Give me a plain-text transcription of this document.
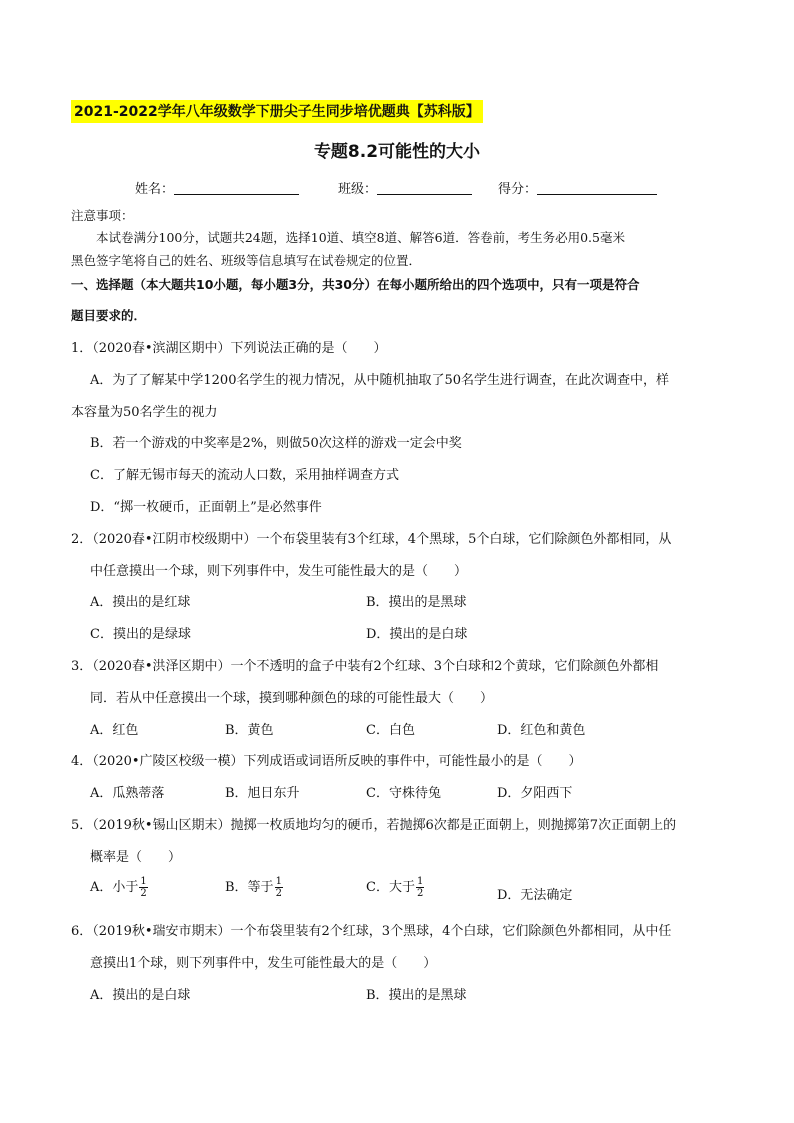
2021-2022学年八年级数学下册尖子生同步培优题典【苏科版】
专题8.2可能性的大小
姓名：	班级：	得分：
注意事项：
本试卷满分100分，试题共24题，选择10道、填空8道、解答6道．答卷前，考生务必用0.5毫米
黑色签字笔将自己的姓名、班级等信息填写在试卷规定的位置．
一、选择题（本大题共10小题，每小题3分，共30分）在每小题所给出的四个选项中，只有一项是符合
题目要求的．
1．（2020春•滨湖区期中）下列说法正确的是（　　）
A．为了了解某中学1200名学生的视力情况，从中随机抽取了50名学生进行调查，在此次调查中，样
本容量为50名学生的视力
B．若一个游戏的中奖率是2%，则做50次这样的游戏一定会中奖
C．了解无锡市每天的流动人口数，采用抽样调查方式
D．“掷一枚硬币，正面朝上”是必然事件
2．（2020春•江阴市校级期中）一个布袋里装有3个红球，4个黑球，5个白球，它们除颜色外都相同，从
中任意摸出一个球，则下列事件中，发生可能性最大的是（　　）
A．摸出的是红球	B．摸出的是黑球
C．摸出的是绿球	D．摸出的是白球
3．（2020春•洪泽区期中）一个不透明的盒子中装有2个红球、3个白球和2个黄球，它们除颜色外都相
同．若从中任意摸出一个球，摸到哪种颜色的球的可能性最大（　　）
A．红色	B．黄色	C．白色	D．红色和黄色
4．（2020•广陵区校级一模）下列成语或词语所反映的事件中，可能性最小的是（　　）
A．瓜熟蒂落	B．旭日东升	C．守株待兔	D．夕阳西下
5．（2019秋•锡山区期末）抛掷一枚质地均匀的硬币，若抛掷6次都是正面朝上，则抛掷第7次正面朝上的
概率是（　　）
A．小于 $\frac{1}{2}$	B．等于 $\frac{1}{2}$	C．大于 $\frac{1}{2}$	D．无法确定
6．（2019秋•瑞安市期末）一个布袋里装有2个红球，3个黑球，4个白球，它们除颜色外都相同，从中任
意摸出1个球，则下列事件中，发生可能性最大的是（　　）
A．摸出的是白球	B．摸出的是黑球
